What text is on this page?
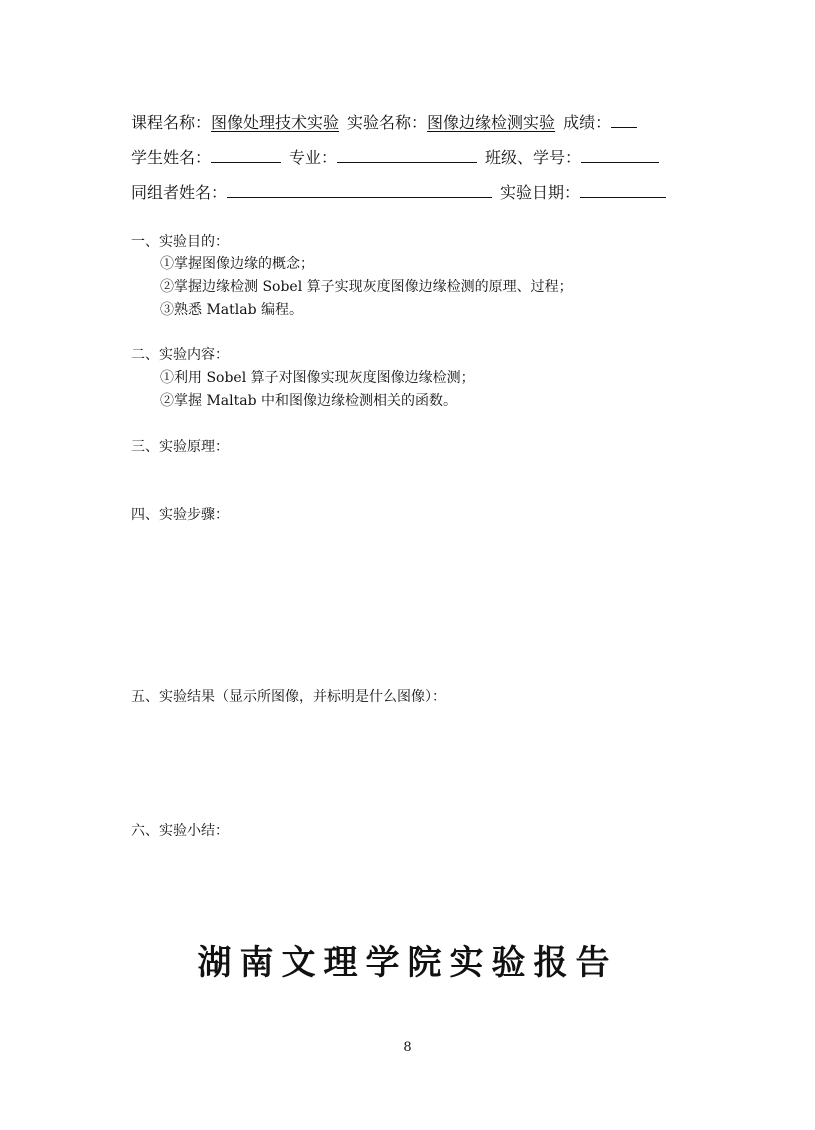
课程名称：图像处理技术实验 实验名称：图像边缘检测实验 成绩：
学生姓名：	专业：	班级、学号：
同组者姓名：	实验日期：
一、实验目的：
①掌握图像边缘的概念；
②掌握边缘检测 Sobel 算子实现灰度图像边缘检测的原理、过程；
③熟悉 Matlab 编程。
二、实验内容：
①利用 Sobel 算子对图像实现灰度图像边缘检测；
②掌握 Maltab 中和图像边缘检测相关的函数。
三、实验原理：
四、实验步骤：
五、实验结果（显示所图像，并标明是什么图像）：
六、实验小结：
湖南文理学院实验报告
8
